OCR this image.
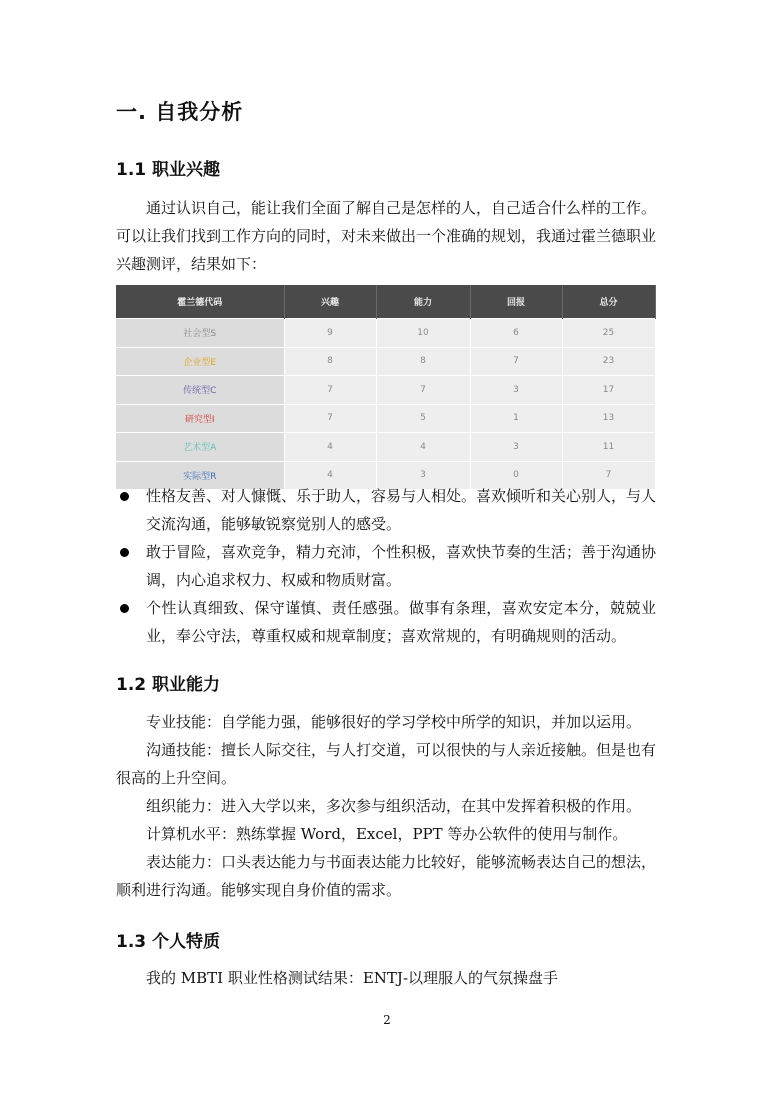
一. 自我分析
1.1 职业兴趣

通过认识自己，能让我们全面了解自己是怎样的人，自己适合什么样的工作。可以让我们找到工作方向的同时，对未来做出一个准确的规划，我通过霍兰德职业兴趣测评，结果如下：

霍兰德代码	兴趣	能力	回报	总分
社会型S	9	10	6	25
企业型E	8	8	7	23
传统型C	7	7	3	17
研究型I	7	5	1	13
艺术型A	4	4	3	11
实际型R	4	3	0	7
性格友善、对人慷慨、乐于助人，容易与人相处。喜欢倾听和关心别人，与人交流沟通，能够敏锐察觉别人的感受。
敢于冒险，喜欢竞争，精力充沛，个性积极，喜欢快节奏的生活；善于沟通协调，内心追求权力、权威和物质财富。
个性认真细致、保守谨慎、责任感强。做事有条理，喜欢安定本分，兢兢业业，奉公守法，尊重权威和规章制度；喜欢常规的，有明确规则的活动。
1.2 职业能力

专业技能：自学能力强，能够很好的学习学校中所学的知识，并加以运用。

沟通技能：擅长人际交往，与人打交道，可以很快的与人亲近接触。但是也有很高的上升空间。

组织能力：进入大学以来，多次参与组织活动，在其中发挥着积极的作用。

计算机水平：熟练掌握 Word，Excel，PPT 等办公软件的使用与制作。

表达能力：口头表达能力与书面表达能力比较好，能够流畅表达自己的想法，顺利进行沟通。能够实现自身价值的需求。

1.3 个人特质

我的 MBTI 职业性格测试结果：ENTJ-以理服人的气氛操盘手

2
